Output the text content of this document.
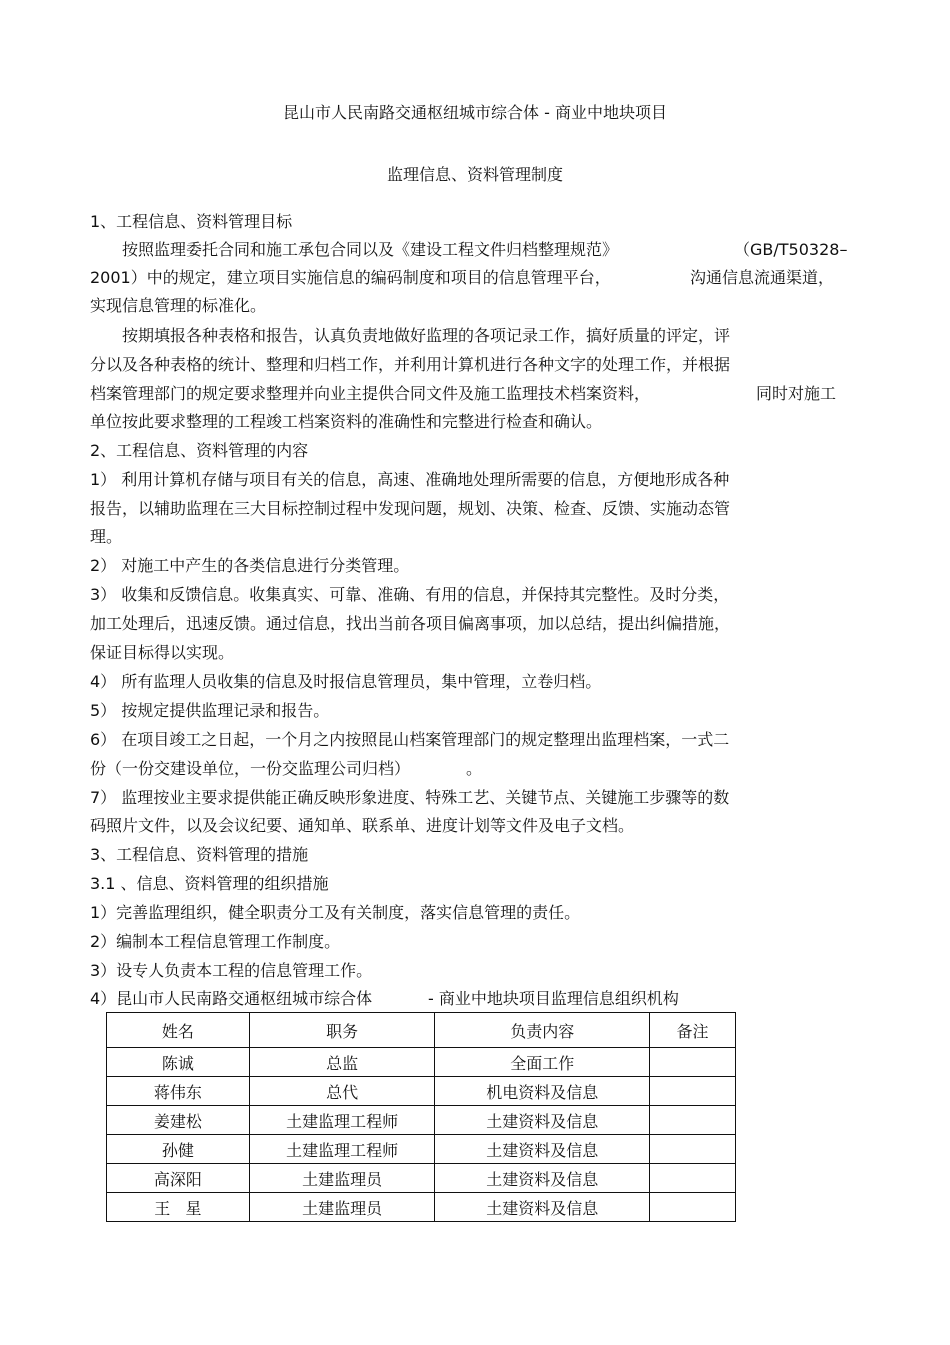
昆山市人民南路交通枢纽城市综合体 - 商业中地块项目
监理信息、资料管理制度
1、工程信息、资料管理目标
按照监理委托合同和施工承包合同以及《建设工程文件归档整理规范》	（GB/T50328–
2001）中的规定，建立项目实施信息的编码制度和项目的信息管理平台，	沟通信息流通渠道，
实现信息管理的标准化。
按期填报各种表格和报告，认真负责地做好监理的各项记录工作，搞好质量的评定，评
分以及各种表格的统计、整理和归档工作，并利用计算机进行各种文字的处理工作，并根据
档案管理部门的规定要求整理并向业主提供合同文件及施工监理技术档案资料，	同时对施工
单位按此要求整理的工程竣工档案资料的准确性和完整进行检查和确认。
2、工程信息、资料管理的内容
1） 利用计算机存储与项目有关的信息，高速、准确地处理所需要的信息，方便地形成各种
报告，以辅助监理在三大目标控制过程中发现问题，规划、决策、检查、反馈、实施动态管
理。
2） 对施工中产生的各类信息进行分类管理。
3） 收集和反馈信息。收集真实、可靠、准确、有用的信息，并保持其完整性。及时分类，
加工处理后，迅速反馈。通过信息，找出当前各项目偏离事项，加以总结，提出纠偏措施，
保证目标得以实现。
4） 所有监理人员收集的信息及时报信息管理员，集中管理，立卷归档。
5） 按规定提供监理记录和报告。
6） 在项目竣工之日起，一个月之内按照昆山档案管理部门的规定整理出监理档案，一式二
份（一份交建设单位，一份交监理公司归档）	。
7） 监理按业主要求提供能正确反映形象进度、特殊工艺、关键节点、关键施工步骤等的数
码照片文件，以及会议纪要、通知单、联系单、进度计划等文件及电子文档。
3、工程信息、资料管理的措施
3.1 、信息、资料管理的组织措施
1）完善监理组织，健全职责分工及有关制度，落实信息管理的责任。
2）编制本工程信息管理工作制度。
3）设专人负责本工程的信息管理工作。
4）昆山市人民南路交通枢纽城市综合体	- 商业中地块项目监理信息组织机构
姓名	职务	负责内容	备注
陈诚	总监	全面工作	
蒋伟东	总代	机电资料及信息	
姜建松	土建监理工程师	土建资料及信息	
孙健	土建监理工程师	土建资料及信息	
高深阳	土建监理员	土建资料及信息	
王   星	土建监理员	土建资料及信息	
